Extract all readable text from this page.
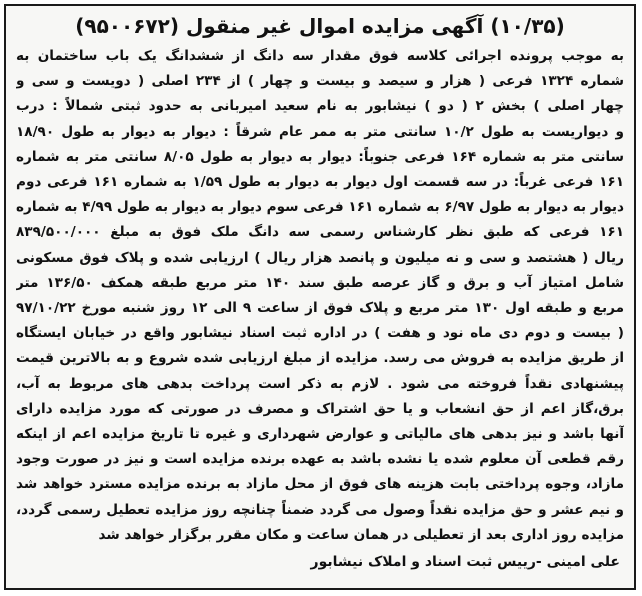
(۱۰/۳۵) آگهی مزایده اموال غیر منقول (۹۵۰۰۶۷۲)
به موجب پرونده اجرائی کلاسه فوق مقدار سه دانگ از ششدانگ یک باب ساختمان به
شماره ۱۳۲۴ فرعی ( هزار و سیصد و بیست و چهار ) از ۲۳۴ اصلی ( دویست و سی و
چهار اصلی ) بخش ۲ ( دو ) نیشابور به نام سعید امیربانی به حدود ثبتی شمالاً : درب
و دیواریست به طول ۱۰/۲ سانتی متر به ممر عام شرقاً : دیوار به دیوار به طول ۱۸/۹۰
سانتی متر به شماره ۱۶۴ فرعی جنوباً: دیوار به دیوار به طول ۸/۰۵ سانتی متر به شماره
۱۶۱ فرعی غرباً: در سه قسمت اول دیوار به دیوار به طول ۱/۵۹ به شماره ۱۶۱ فرعی دوم
دیوار به دیوار به طول ۶/۹۷ به شماره ۱۶۱ فرعی سوم دیوار به دیوار به طول ۴/۹۹ به شماره
۱۶۱ فرعی که طبق نظر کارشناس رسمی سه دانگ ملک فوق به مبلغ ۸۳۹/۵۰۰/۰۰۰
ریال ( هشتصد و سی و نه میلیون و پانصد هزار ریال ) ارزیابی شده و پلاک فوق مسکونی
شامل امتیاز آب و برق و گاز عرصه طبق سند ۱۴۰ متر مربع طبقه همکف ۱۳۶/۵۰ متر
مربع و طبقه اول ۱۳۰ متر مربع و پلاک فوق از ساعت ۹ الی ۱۲ روز شنبه مورخ ۹۷/۱۰/۲۲
( بیست و دوم دی ماه نود و هفت ) در اداره ثبت اسناد نیشابور واقع در خیابان ایستگاه
از طریق مزایده به فروش می رسد. مزایده از مبلغ ارزیابی شده شروع و به بالاترین قیمت
پیشنهادی نقداً فروخته می شود . لازم به ذکر است پرداخت بدهی های مربوط به آب،
برق،گاز اعم از حق انشعاب و یا حق اشتراک و مصرف در صورتی که مورد مزایده دارای
آنها باشد و نیز بدهی های مالیاتی و عوارض شهرداری و غیره تا تاریخ مزایده اعم از اینکه
رقم قطعی آن معلوم شده یا نشده باشد به عهده برنده مزایده است و نیز در صورت وجود
مازاد، وجوه پرداختی بابت هزینه های فوق از محل مازاد به برنده مزایده مسترد خواهد شد
و نیم عشر و حق مزایده نقداً وصول می گردد ضمناً چنانچه روز مزایده تعطیل رسمی گردد،
مزایده روز اداری بعد از تعطیلی در همان ساعت و مکان مقرر برگزار خواهد شد
علی امینی -رییس ثبت اسناد و املاک نیشابور
